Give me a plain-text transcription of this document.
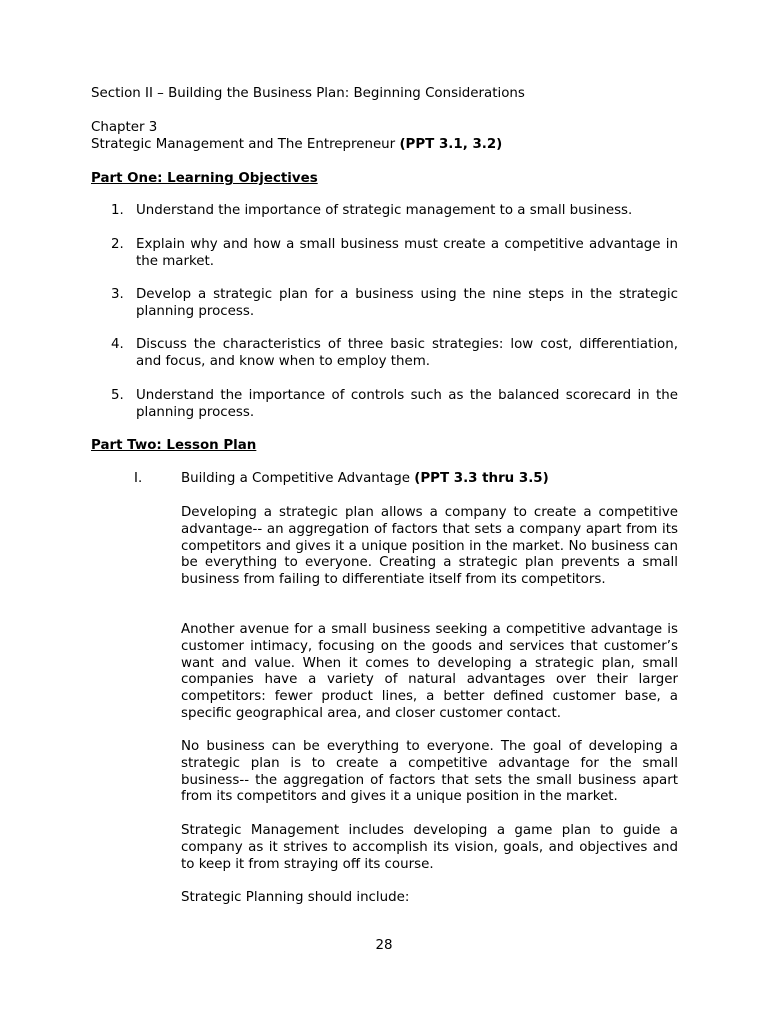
Section II – Building the Business Plan: Beginning Considerations
Chapter 3
Strategic Management and The Entrepreneur (PPT 3.1, 3.2)
Part One: Learning Objectives
1. Understand the importance of strategic management to a small business.
2. Explain why and how a small business must create a competitive advantage in the market.
3. Develop a strategic plan for a business using the nine steps in the strategic planning process.
4. Discuss the characteristics of three basic strategies: low cost, differentiation, and focus, and know when to employ them.
5. Understand the importance of controls such as the balanced scorecard in the planning process.
Part Two: Lesson Plan
I.	Building a Competitive Advantage (PPT 3.3 thru 3.5)
Developing a strategic plan allows a company to create a competitive advantage-- an aggregation of factors that sets a company apart from its competitors and gives it a unique position in the market. No business can be everything to everyone. Creating a strategic plan prevents a small business from failing to differentiate itself from its competitors.
Another avenue for a small business seeking a competitive advantage is customer intimacy, focusing on the goods and services that customer’s want and value. When it comes to developing a strategic plan, small companies have a variety of natural advantages over their larger competitors: fewer product lines, a better defined customer base, a specific geographical area, and closer customer contact.
No business can be everything to everyone. The goal of developing a strategic plan is to create a competitive advantage for the small business-- the aggregation of factors that sets the small business apart from its competitors and gives it a unique position in the market.
Strategic Management includes developing a game plan to guide a company as it strives to accomplish its vision, goals, and objectives and to keep it from straying off its course.
Strategic Planning should include:
28
